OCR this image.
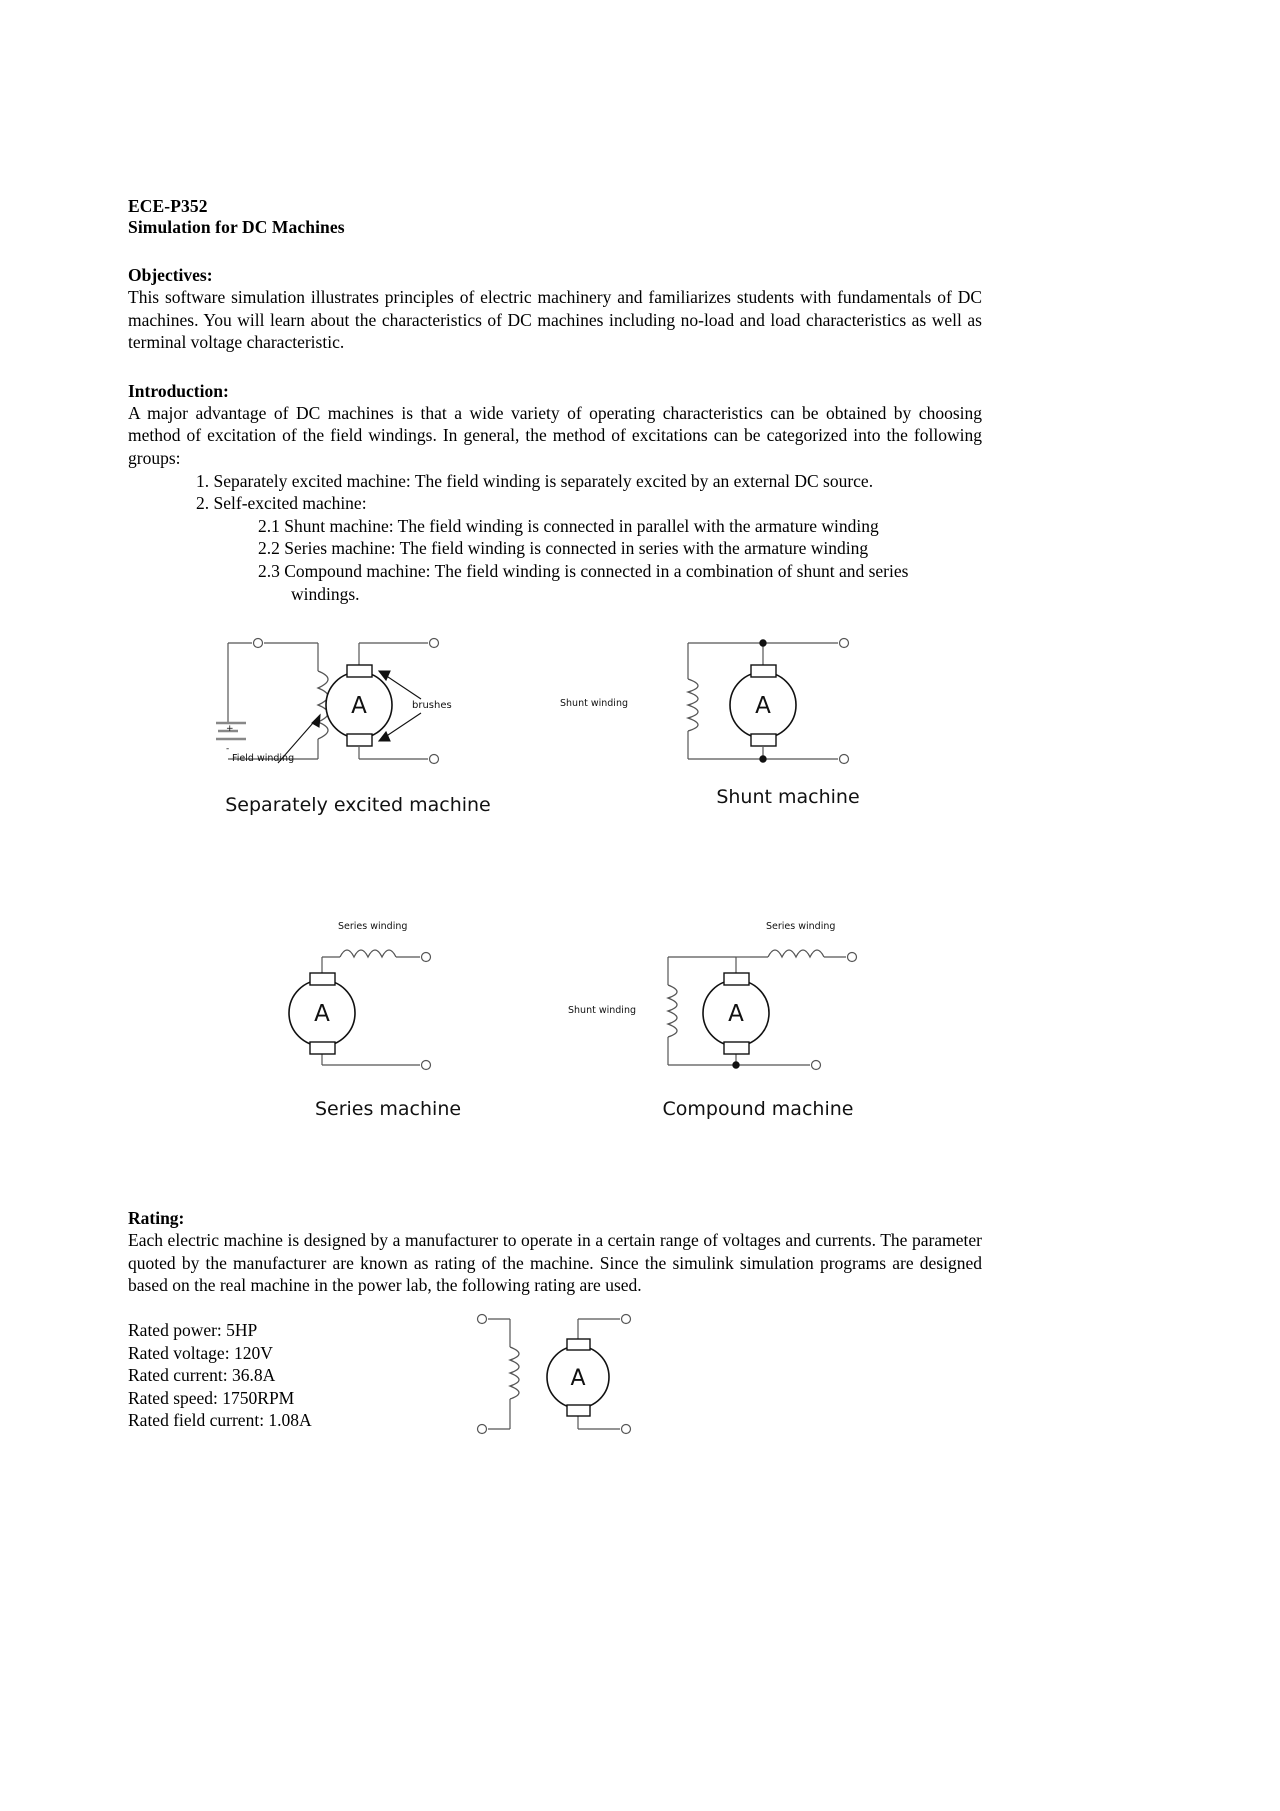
ECE-P352
Simulation for DC Machines
Objectives:

This software simulation illustrates principles of electric machinery and familiarizes students with fundamentals of DC machines. You will learn about the characteristics of DC machines including no-load and load characteristics as well as terminal voltage characteristic.

Introduction:

A major advantage of DC machines is that a wide variety of operating characteristics can be obtained by choosing method of excitation of the field windings. In general, the method of excitations can be categorized into the following groups:

1. Separately excited machine: The field winding is separately excited by an external DC source.
2. Self-excited machine:
2.1 Shunt machine: The field winding is connected in parallel with the armature winding
2.2 Series machine: The field winding is connected in series with the armature winding
2.3 Compound machine: The field winding is connected in a combination of shunt and series
windings.
A
+
-
Field winding
brushes
Separately excited machine
A
Shunt winding
Shunt machine
A
Series winding
Series machine
A
Series winding
Shunt winding
Compound machine
Rating:

Each electric machine is designed by a manufacturer to operate in a certain range of voltages and currents. The parameter quoted by the manufacturer are known as rating of the machine. Since the simulink simulation programs are designed based on the real machine in the power lab, the following rating are used.

Rated power: 5HP
Rated voltage: 120V
Rated current: 36.8A
Rated speed: 1750RPM
Rated field current: 1.08A
A
